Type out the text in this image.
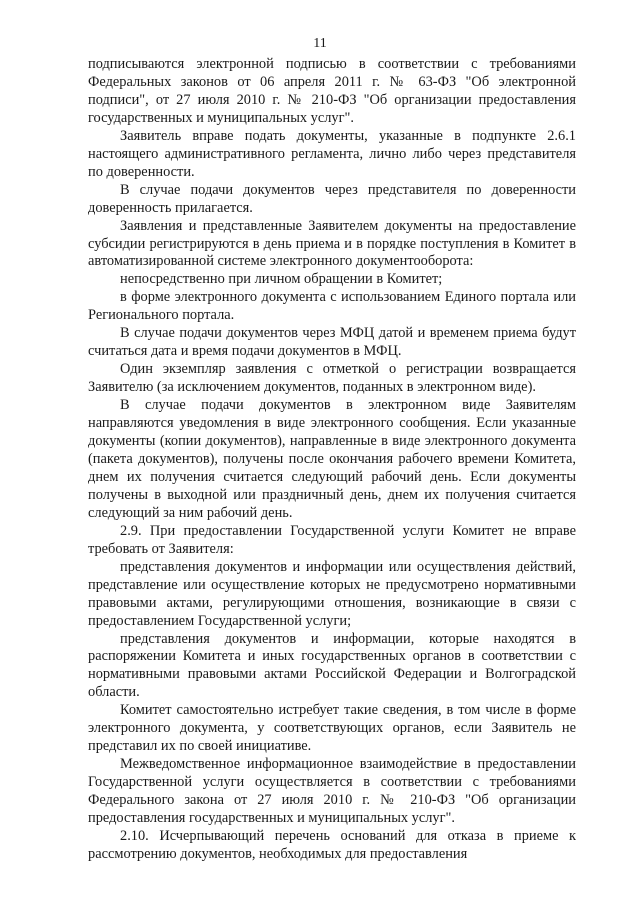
11

подписываются электронной подписью в соответствии с требованиями Федеральных законов от 06 апреля 2011 г. № 63-ФЗ "Об электронной подписи", от 27 июля 2010 г. № 210-ФЗ "Об организации предоставления государственных и муниципальных услуг".

Заявитель вправе подать документы, указанные в подпункте 2.6.1 настоящего административного регламента, лично либо через представителя по доверенности.

В случае подачи документов через представителя по доверенности доверенность прилагается.

Заявления и представленные Заявителем документы на предоставление субсидии регистрируются в день приема и в порядке поступления в Комитет в автоматизированной системе электронного документооборота:

непосредственно при личном обращении в Комитет;

в форме электронного документа с использованием Единого портала или Регионального портала.

В случае подачи документов через МФЦ датой и временем приема будут считаться дата и время подачи документов в МФЦ.

Один экземпляр заявления с отметкой о регистрации возвращается Заявителю (за исключением документов, поданных в электронном виде).

В случае подачи документов в электронном виде Заявителям направляются уведомления в виде электронного сообщения. Если указанные документы (копии документов), направленные в виде электронного документа (пакета документов), получены после окончания рабочего времени Комитета, днем их получения считается следующий рабочий день. Если документы получены в выходной или праздничный день, днем их получения считается следующий за ним рабочий день.

2.9. При предоставлении Государственной услуги Комитет не вправе требовать от Заявителя:

представления документов и информации или осуществления действий, представление или осуществление которых не предусмотрено нормативными правовыми актами, регулирующими отношения, возникающие в связи с предоставлением Государственной услуги;

представления документов и информации, которые находятся в распоряжении Комитета и иных государственных органов в соответствии с нормативными правовыми актами Российской Федерации и Волгоградской области.

Комитет самостоятельно истребует такие сведения, в том числе в форме электронного документа, у соответствующих органов, если Заявитель не представил их по своей инициативе.

Межведомственное информационное взаимодействие в предоставлении Государственной услуги осуществляется в соответствии с требованиями Федерального закона от 27 июля 2010 г. № 210-ФЗ "Об организации предоставления государственных и муниципальных услуг".

2.10. Исчерпывающий перечень оснований для отказа в приеме к рассмотрению документов, необходимых для предоставления
